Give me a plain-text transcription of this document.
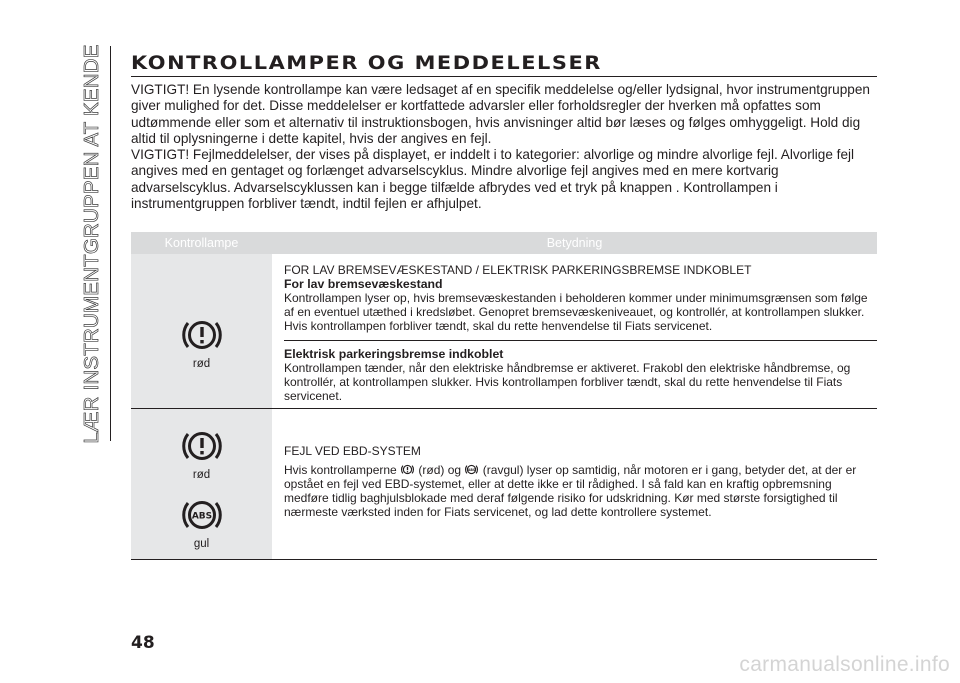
LÆR INSTRUMENTGRUPPEN AT KENDE KONTROLLAMPER OG MEDDELELSER

VIGTIGT! En lysende kontrollampe kan være ledsaget af en specifik meddelelse og/eller lydsignal, hvor instrumentgruppen giver mulighed for det. Disse meddelelser er kortfattede advarsler eller forholdsregler der hverken må opfattes som udtømmende eller som et alternativ til instruktionsbogen, hvis anvisninger altid bør læses og følges omhyggeligt. Hold dig altid til oplysningerne i dette kapitel, hvis der angives en fejl.

VIGTIGT! Fejlmeddelelser, der vises på displayet, er inddelt i to kategorier: alvorlige og mindre alvorlige fejl. Alvorlige fejl angives med en gentaget og forlænget advarselscyklus. Mindre alvorlige fejl angives med en mere kortvarig advarselscyklus. Advarselscyklussen kan i begge tilfælde afbrydes ved et tryk på knappen . Kontrollampen i instrumentgruppen forbliver tændt, indtil fejlen er afhjulpet.

Kontrollampe	Betydning
rød

FOR LAV BREMSEVÆSKESTAND / ELEKTRISK PARKERINGSBREMSE INDKOBLET

For lav bremsevæskestand

Kontrollampen lyser op, hvis bremsevæskestanden i beholderen kommer under minimumsgrænsen som følge af en eventuel utæthed i kredsløbet. Genopret bremsevæskeniveauet, og kontrollér, at kontrollampen slukker. Hvis kontrollampen forbliver tændt, skal du rette henvendelse til Fiats servicenet.

Elektrisk parkeringsbremse indkoblet

Kontrollampen tænder, når den elektriske håndbremse er aktiveret. Frakobl den elektriske håndbremse, og kontrollér, at kontrollampen slukker. Hvis kontrollampen forbliver tændt, skal du rette henvendelse til Fiats servicenet.

rød
ABS
gul

FEJL VED EBD-SYSTEM

Hvis kontrollamperne (rød) og ABS (ravgul) lyser op samtidig, når motoren er i gang, betyder det, at der er opstået en fejl ved EBD-systemet, eller at dette ikke er til rådighed. I så fald kan en kraftig opbremsning medføre tidlig baghjulsblokade med deraf følgende risiko for udskridning. Kør med største forsigtighed til nærmeste værksted inden for Fiats servicenet, og lad dette kontrollere systemet.

48
carmanualsonline.info
